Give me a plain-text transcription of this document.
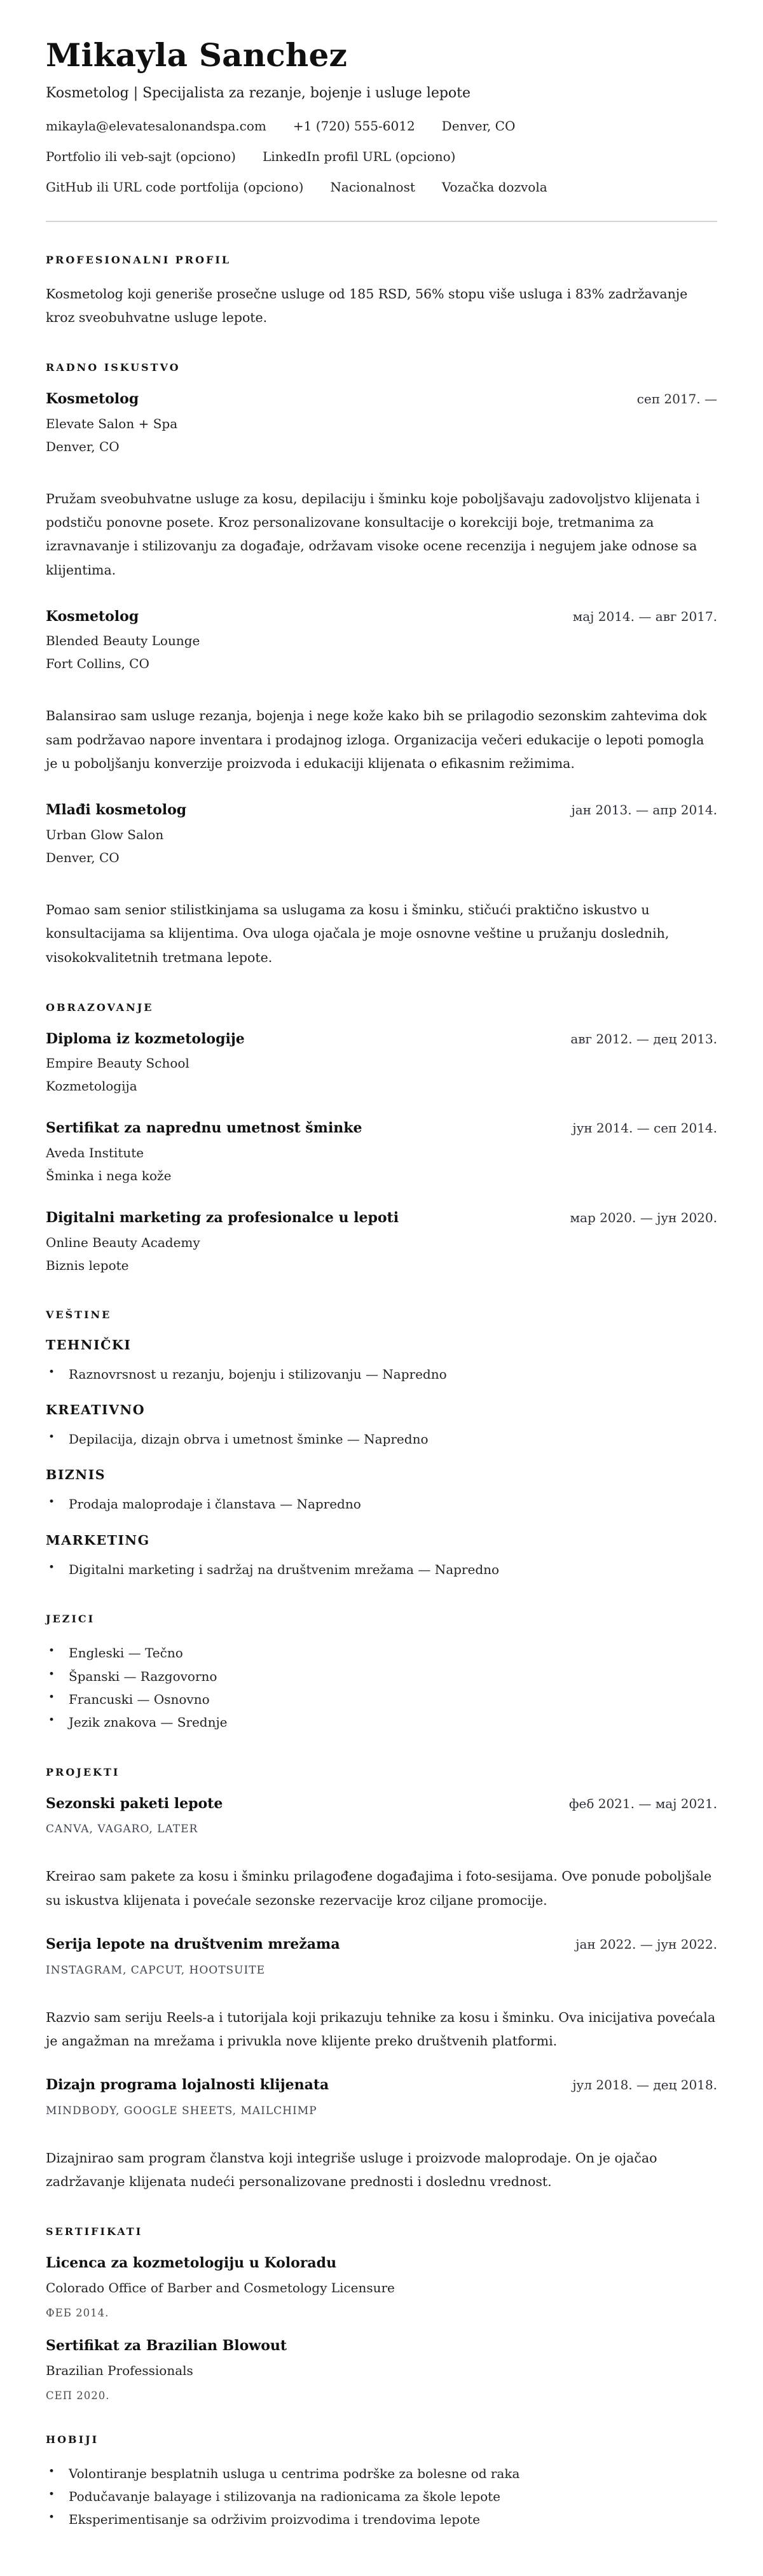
Mikayla Sanchez

Kosmetolog | Specijalista za rezanje, bojenje i usluge lepote

mikayla@elevatesalonandspa.com +1 (720) 555-6012 Denver, CO
Portfolio ili veb-sajt (opciono) LinkedIn profil URL (opciono)
GitHub ili URL code portfolija (opciono) Nacionalnost Vozačka dozvola
PROFESIONALNI PROFIL

Kosmetolog koji generiše prosečne usluge od 185 RSD, 56% stopu više usluga i 83% zadržavanje kroz sveobuhvatne usluge lepote.

RADNO ISKUSTVO
Kosmetolog	сеп 2017. —
Elevate Salon + Spa
Denver, CO

Pružam sveobuhvatne usluge za kosu, depilaciju i šminku koje poboljšavaju zadovoljstvo klijenata i podstiču ponovne posete. Kroz personalizovane konsultacije o korekciji boje, tretmanima za izravnavanje i stilizovanju za događaje, održavam visoke ocene recenzija i negujem jake odnose sa klijentima.

Kosmetolog	мај 2014. — авг 2017.
Blended Beauty Lounge
Fort Collins, CO

Balansirao sam usluge rezanja, bojenja i nege kože kako bih se prilagodio sezonskim zahtevima dok sam podržavao napore inventara i prodajnog izloga. Organizacija večeri edukacije o lepoti pomogla je u poboljšanju konverzije proizvoda i edukaciji klijenata o efikasnim režimima.

Mlađi kosmetolog	јан 2013. — апр 2014.
Urban Glow Salon
Denver, CO

Pomao sam senior stilistkinjama sa uslugama za kosu i šminku, stičući praktično iskustvo u konsultacijama sa klijentima. Ova uloga ojačala je moje osnovne veštine u pružanju doslednih, visokokvalitetnih tretmana lepote.

OBRAZOVANJE
Diploma iz kozmetologije	авг 2012. — дец 2013.
Empire Beauty School
Kozmetologija
Sertifikat za naprednu umetnost šminke	јун 2014. — сеп 2014.
Aveda Institute
Šminka i nega kože
Digitalni marketing za profesionalce u lepoti	мар 2020. — јун 2020.
Online Beauty Academy
Biznis lepote
VEŠTINE
TEHNIČKI
• Raznovrsnost u rezanju, bojenju i stilizovanju — Napredno
KREATIVNO
• Depilacija, dizajn obrva i umetnost šminke — Napredno
BIZNIS
• Prodaja maloprodaje i članstava — Napredno
MARKETING
• Digitalni marketing i sadržaj na društvenim mrežama — Napredno
JEZICI
• Engleski — Tečno
• Španski — Razgovorno
• Francuski — Osnovno
• Jezik znakova — Srednje
PROJEKTI
Sezonski paketi lepote	феб 2021. — мај 2021.
CANVA, VAGARO, LATER

Kreirao sam pakete za kosu i šminku prilagođene događajima i foto-sesijama. Ove ponude poboljšale su iskustva klijenata i povećale sezonske rezervacije kroz ciljane promocije.

Serija lepote na društvenim mrežama	јан 2022. — јун 2022.
INSTAGRAM, CAPCUT, HOOTSUITE

Razvio sam seriju Reels-a i tutorijala koji prikazuju tehnike za kosu i šminku. Ova inicijativa povećala je angažman na mrežama i privukla nove klijente preko društvenih platformi.

Dizajn programa lojalnosti klijenata	јул 2018. — дец 2018.
MINDBODY, GOOGLE SHEETS, MAILCHIMP

Dizajnirao sam program članstva koji integriše usluge i proizvode maloprodaje. On je ojačao zadržavanje klijenata nudeći personalizovane prednosti i doslednu vrednost.

SERTIFIKATI
Licenca za kozmetologiju u Koloradu
Colorado Office of Barber and Cosmetology Licensure
ФЕБ 2014.
Sertifikat za Brazilian Blowout
Brazilian Professionals
СЕП 2020.
HOBIJI
• Volontiranje besplatnih usluga u centrima podrške za bolesne od raka
• Podučavanje balayage i stilizovanja na radionicama za škole lepote
• Eksperimentisanje sa održivim proizvodima i trendovima lepote
